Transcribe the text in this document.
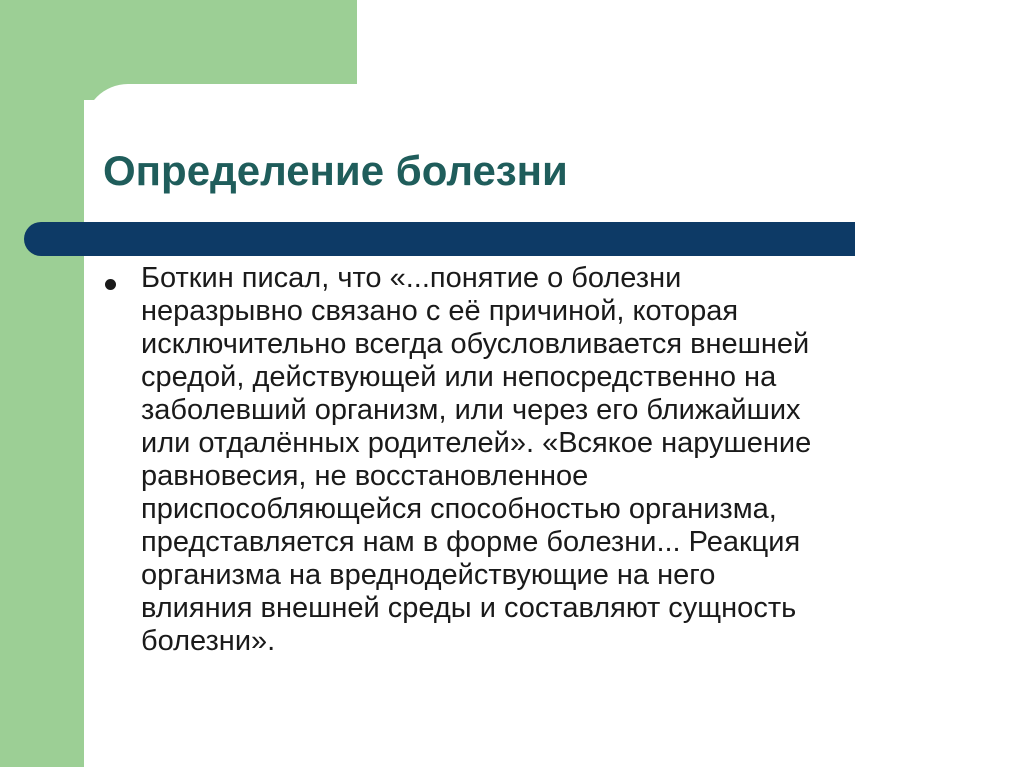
Определение болезни
Боткин писал, что «...понятие о болезни
неразрывно связано с её причиной, которая
исключительно всегда обусловливается внешней
средой, действующей или непосредственно на
заболевший организм, или через его ближайших
или отдалённых родителей». «Всякое нарушение
равновесия, не восстановленное
приспособляющейся способностью организма,
представляется нам в форме болезни... Реакция
организма на вреднодействующие на него
влияния внешней среды и составляют сущность
болезни».
